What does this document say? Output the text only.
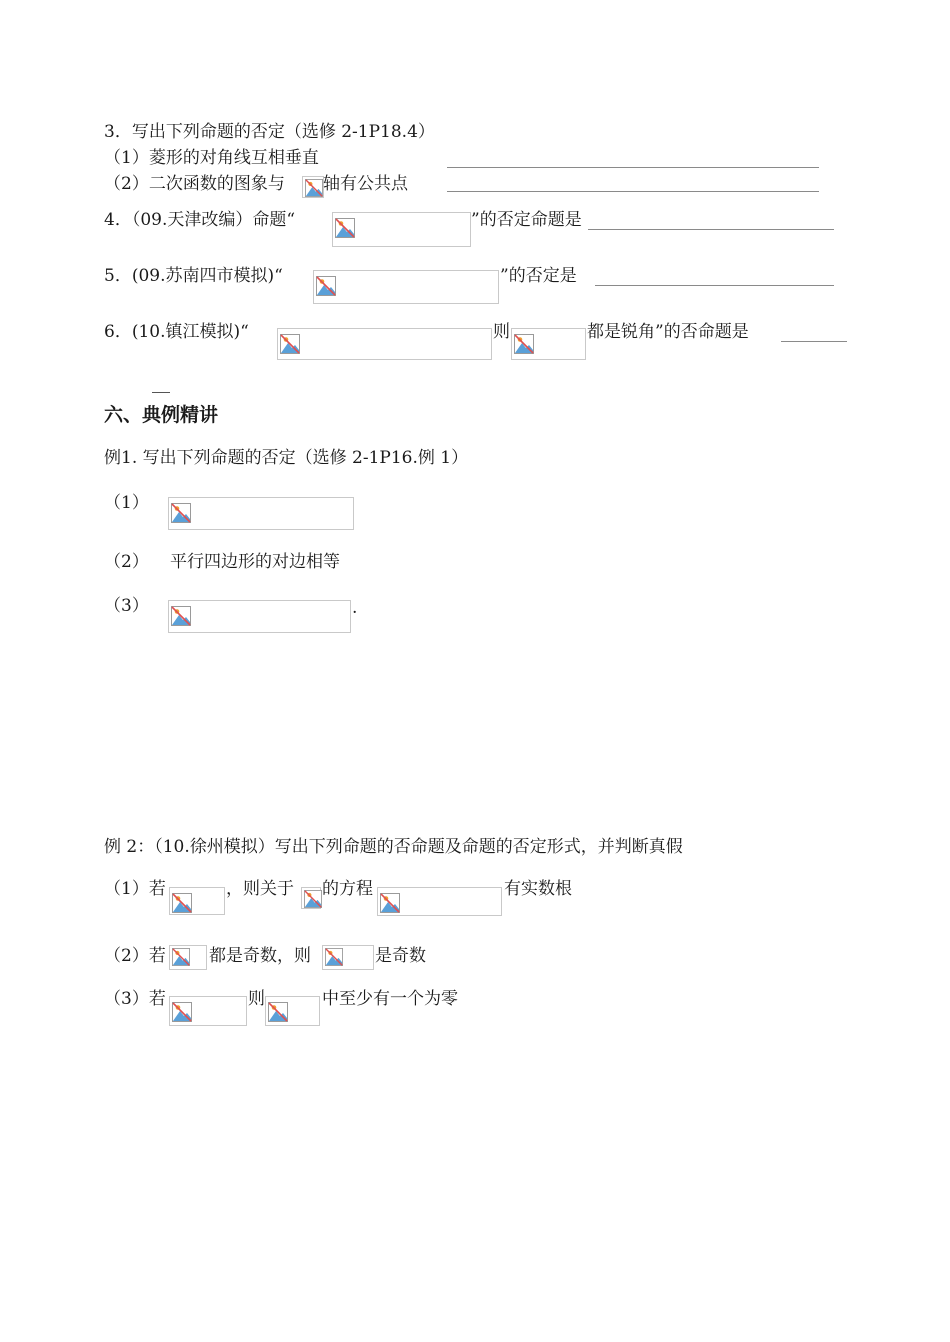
3．写出下列命题的否定（选修 2-1P18.4）
（1）菱形的对角线互相垂直
（2）二次函数的图象与 轴有公共点
4．（09.天津改编）命题“	”的否定命题是
5．(09.苏南四市模拟)“	”的否定是
6．(10.镇江模拟)“	则	都是锐角”的否命题是
六、典例精讲
例1. 写出下列命题的否定（选修 2-1P16.例 1）
（1）
（2） 平行四边形的对边相等
（3）	.
例 2：（10.徐州模拟）写出下列命题的否命题及命题的否定形式，并判断真假
（1）若	，则关于 的方程	有实数根
（2）若	都是奇数，则	是奇数
（3）若	则	中至少有一个为零
